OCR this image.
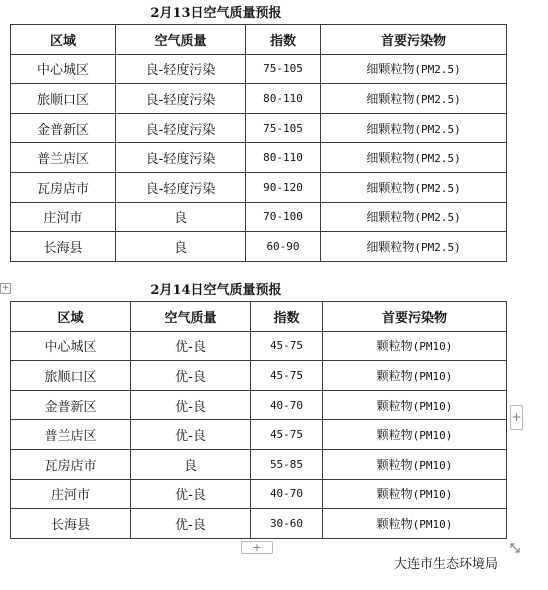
2月13日空气质量预报
区域	空气质量	指数	首要污染物
中心城区	良-轻度污染	75-105	细颗粒物(PM2.5)
旅顺口区	良-轻度污染	80-110	细颗粒物(PM2.5)
金普新区	良-轻度污染	75-105	细颗粒物(PM2.5)
普兰店区	良-轻度污染	80-110	细颗粒物(PM2.5)
瓦房店市	良-轻度污染	90-120	细颗粒物(PM2.5)
庄河市	良	70-100	细颗粒物(PM2.5)
长海县	良	60-90	细颗粒物(PM2.5)
+	2月14日空气质量预报
区域	空气质量	指数	首要污染物
中心城区	优-良	45-75	颗粒物(PM10)
旅顺口区	优-良	45-75	颗粒物(PM10)
金普新区	优-良	40-70	颗粒物(PM10)
普兰店区	优-良	45-75	颗粒物(PM10)
瓦房店市	良	55-85	颗粒物(PM10)
庄河市	优-良	40-70	颗粒物(PM10)
长海县	优-良	30-60	颗粒物(PM10)
+
+
大连市生态环境局
